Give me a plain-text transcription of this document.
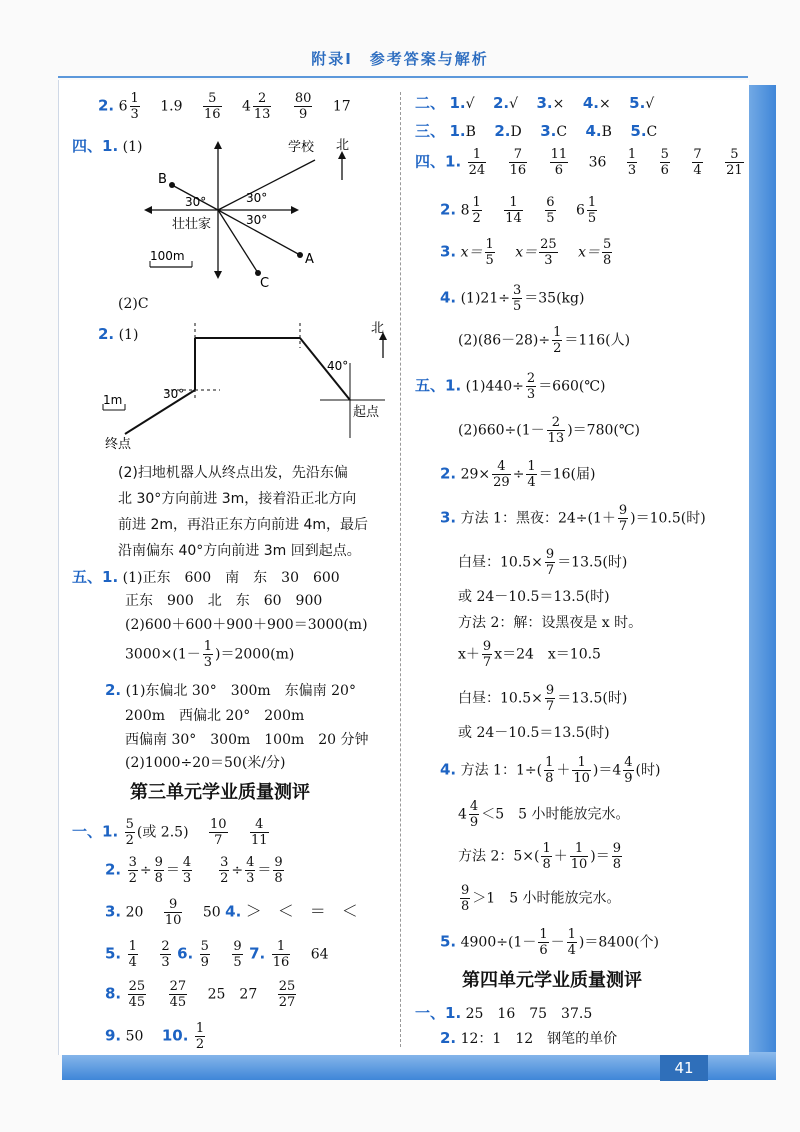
附录Ⅰ　参考答案与解析
41
2. $6 \frac{1}{3} 1.9 \frac{5}{16} 4 \frac{2}{13}$
$\frac{80}{9} 17$
四、1. (1)	学校 北
B
A
C
壮壮家
30°	30°
30°
100m
(2)C
2. (1)	北
40°
30°
1m
起点
终点
(2)扫地机器人从终点出发，先沿东偏
北 30°方向前进 3m，接着沿正北方向
前进 2m，再沿正东方向前进 4m，最后
沿南偏东 40°方向前进 3m 回到起点。
五、1. (1)正东　600　南　东　30　600
正东　900　北　东　60　900
(2)600＋600＋900＋900＝3000(m)
$3000\times(1- \frac{1}{3} )=2000(m)$
2. (1)东偏北 30°　300m　东偏南 20°
200m　西偏北 20°　200m
西偏南 30°　300m　100m　20 分钟
(2)1000÷20＝50(米/分)
第三单元学业质量测评
一、1. $\frac{5}{2}$ (或 $2.5) \frac{10}{7}$
$\frac{4}{11}$
2. $\frac{3}{2} \div \frac{9}{8} = \frac{4}{3}$
$\frac{3}{2} \div \frac{4}{3} = \frac{9}{8}$
3. $20 \frac{9}{10} 50$ 4. ＞　＜　＝　＜
5. $\frac{1}{4}$
$\frac{2}{3} 6$. $\frac{5}{9}$
$\frac{9}{5} 7$. $\frac{1}{16} 64$
8. $\frac{25}{45}$
$\frac{27}{45} 25$　$27 \frac{25}{27}$
9. 50 10. $\frac{1}{2}$
二、 1.√ 2.√ 3.× 4.× 5.√
三、 1.B 2.D 3.C 4.B 5.C
四、1. $\frac{1}{24}$
$\frac{7}{16}$
$\frac{11}{6} 36 \frac{1}{3}$
$\frac{5}{6}$
$\frac{7}{4}$
$\frac{5}{21}$
2. $8 \frac{1}{2}$
$\frac{1}{14}$
$\frac{6}{5} 6 \frac{1}{5}$
3. $x= \frac{1}{5} x= \frac{25}{3} x= \frac{5}{8}$
4. $(1)21\div \frac{3}{5} =35(kg)$
$(2)(86-28)\div \frac{1}{2} =116$(人)
五、1. $(1)440\div \frac{2}{3}$ ＝660(℃)
$(2)660\div(1- \frac{2}{13}$ )＝780(℃)
2. $29\times \frac{4}{29} \div \frac{1}{4} =16$(届)
3. 方法 1：黑夜：$24\div(1+ \frac{9}{7} )=10.5$(时)
白昼：$10.5\times \frac{9}{7} =13.5$(时)
或 24－10.5＝13.5(时)
方法 2：解：设黑夜是 x 时。
$x+ \frac{9}{7} x=24$　x＝10.5
白昼：$10.5\times \frac{9}{7} =13.5$(时)
或 24－10.5＝13.5(时)
4. 方法 1：$1\div( \frac{1}{8} + \frac{1}{10} )=4 \frac{4}{9}$ (时)
$4 \frac{4}{9} <5$　5 小时能放完水。
方法 2：$5\times( \frac{1}{8} + \frac{1}{10}$ )＝ $\frac{9}{8}$
$\frac{9}{8} >1$　5 小时能放完水。
5. $4900\div(1- \frac{1}{6} - \frac{1}{4} )=8400$(个)
第四单元学业质量测评
一、1. 25　16　75　37.5
2. 12：1　12　钢笔的单价
